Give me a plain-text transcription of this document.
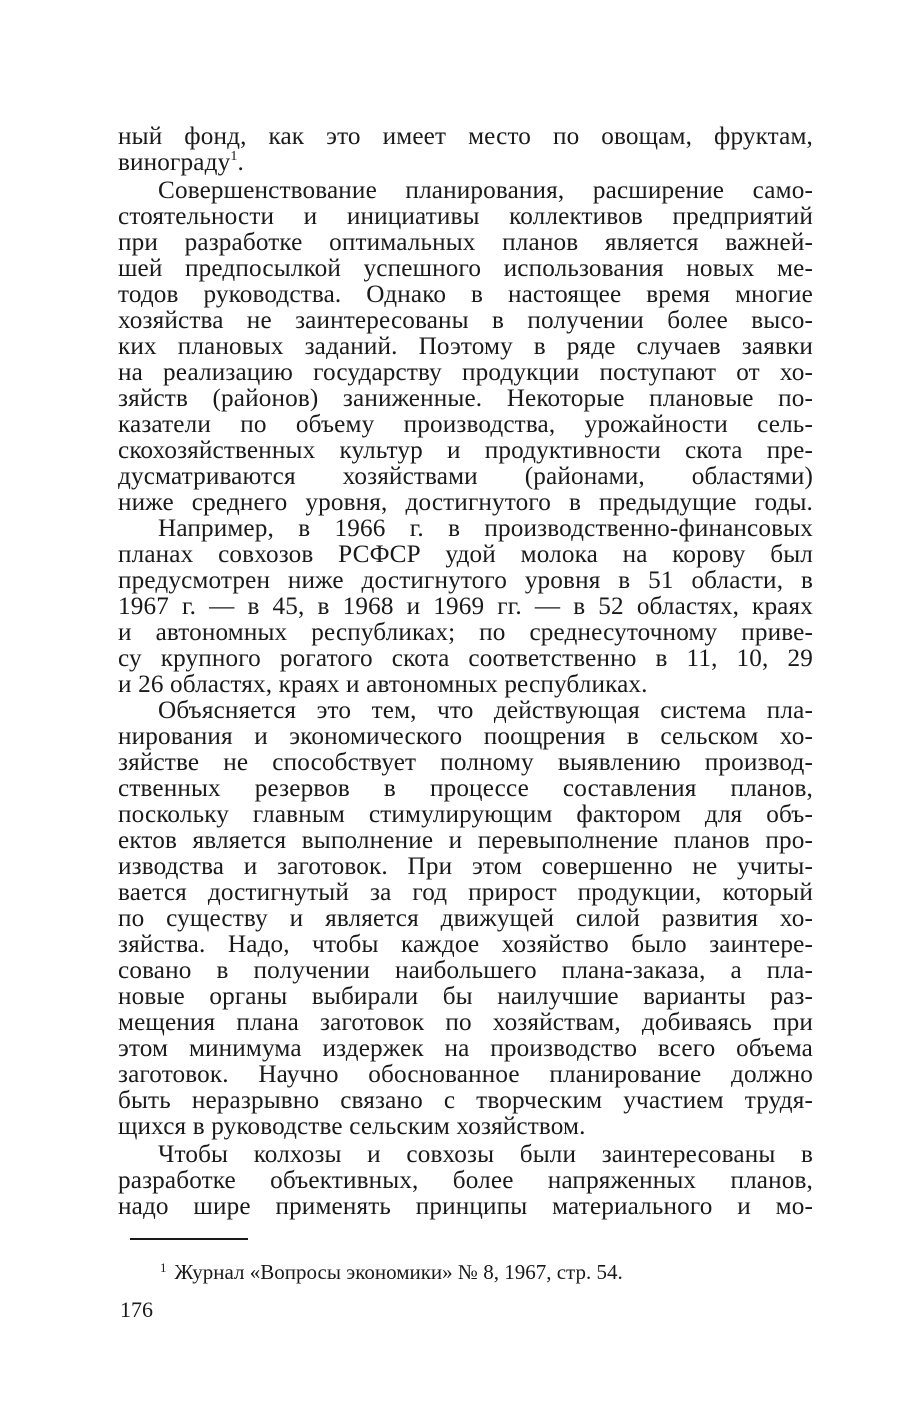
ный фонд, как это имеет место по овощам, фруктам,
винограду$^1$.
Совершенствование планирования, расширение само-
стоятельности и инициативы коллективов предприятий
при разработке оптимальных планов является важней-
шей предпосылкой успешного использования новых ме-
тодов руководства. Однако в настоящее время многие
хозяйства не заинтересованы в получении более высо-
ких плановых заданий. Поэтому в ряде случаев заявки
на реализацию государству продукции поступают от хо-
зяйств (районов) заниженные. Некоторые плановые по-
казатели по объему производства, урожайности сель-
скохозяйственных культур и продуктивности скота пре-
дусматриваются хозяйствами (районами, областями)
ниже среднего уровня, достигнутого в предыдущие годы.
Например, в 1966 г. в производственно-финансовых
планах совхозов РСФСР удой молока на корову был
предусмотрен ниже достигнутого уровня в 51 области, в
1967 г. — в 45, в 1968 и 1969 гг. — в 52 областях, краях
и автономных республиках; по среднесуточному приве-
су крупного рогатого скота соответственно в 11, 10, 29
и 26 областях, краях и автономных республиках.
Объясняется это тем, что действующая система пла-
нирования и экономического поощрения в сельском хо-
зяйстве не способствует полному выявлению производ-
ственных резервов в процессе составления планов,
поскольку главным стимулирующим фактором для объ-
ектов является выполнение и перевыполнение планов про-
изводства и заготовок. При этом совершенно не учиты-
вается достигнутый за год прирост продукции, который
по существу и является движущей силой развития хо-
зяйства. Надо, чтобы каждое хозяйство было заинтере-
совано в получении наибольшего плана-заказа, а пла-
новые органы выбирали бы наилучшие варианты раз-
мещения плана заготовок по хозяйствам, добиваясь при
этом минимума издержек на производство всего объема
заготовок. Научно обоснованное планирование должно
быть неразрывно связано с творческим участием трудя-
щихся в руководстве сельским хозяйством.
Чтобы колхозы и совхозы были заинтересованы в
разработке объективных, более напряженных планов,
надо шире применять принципы материального и мо-
$^1$ Журнал «Вопросы экономики» № 8, 1967, стр. 54.
176
